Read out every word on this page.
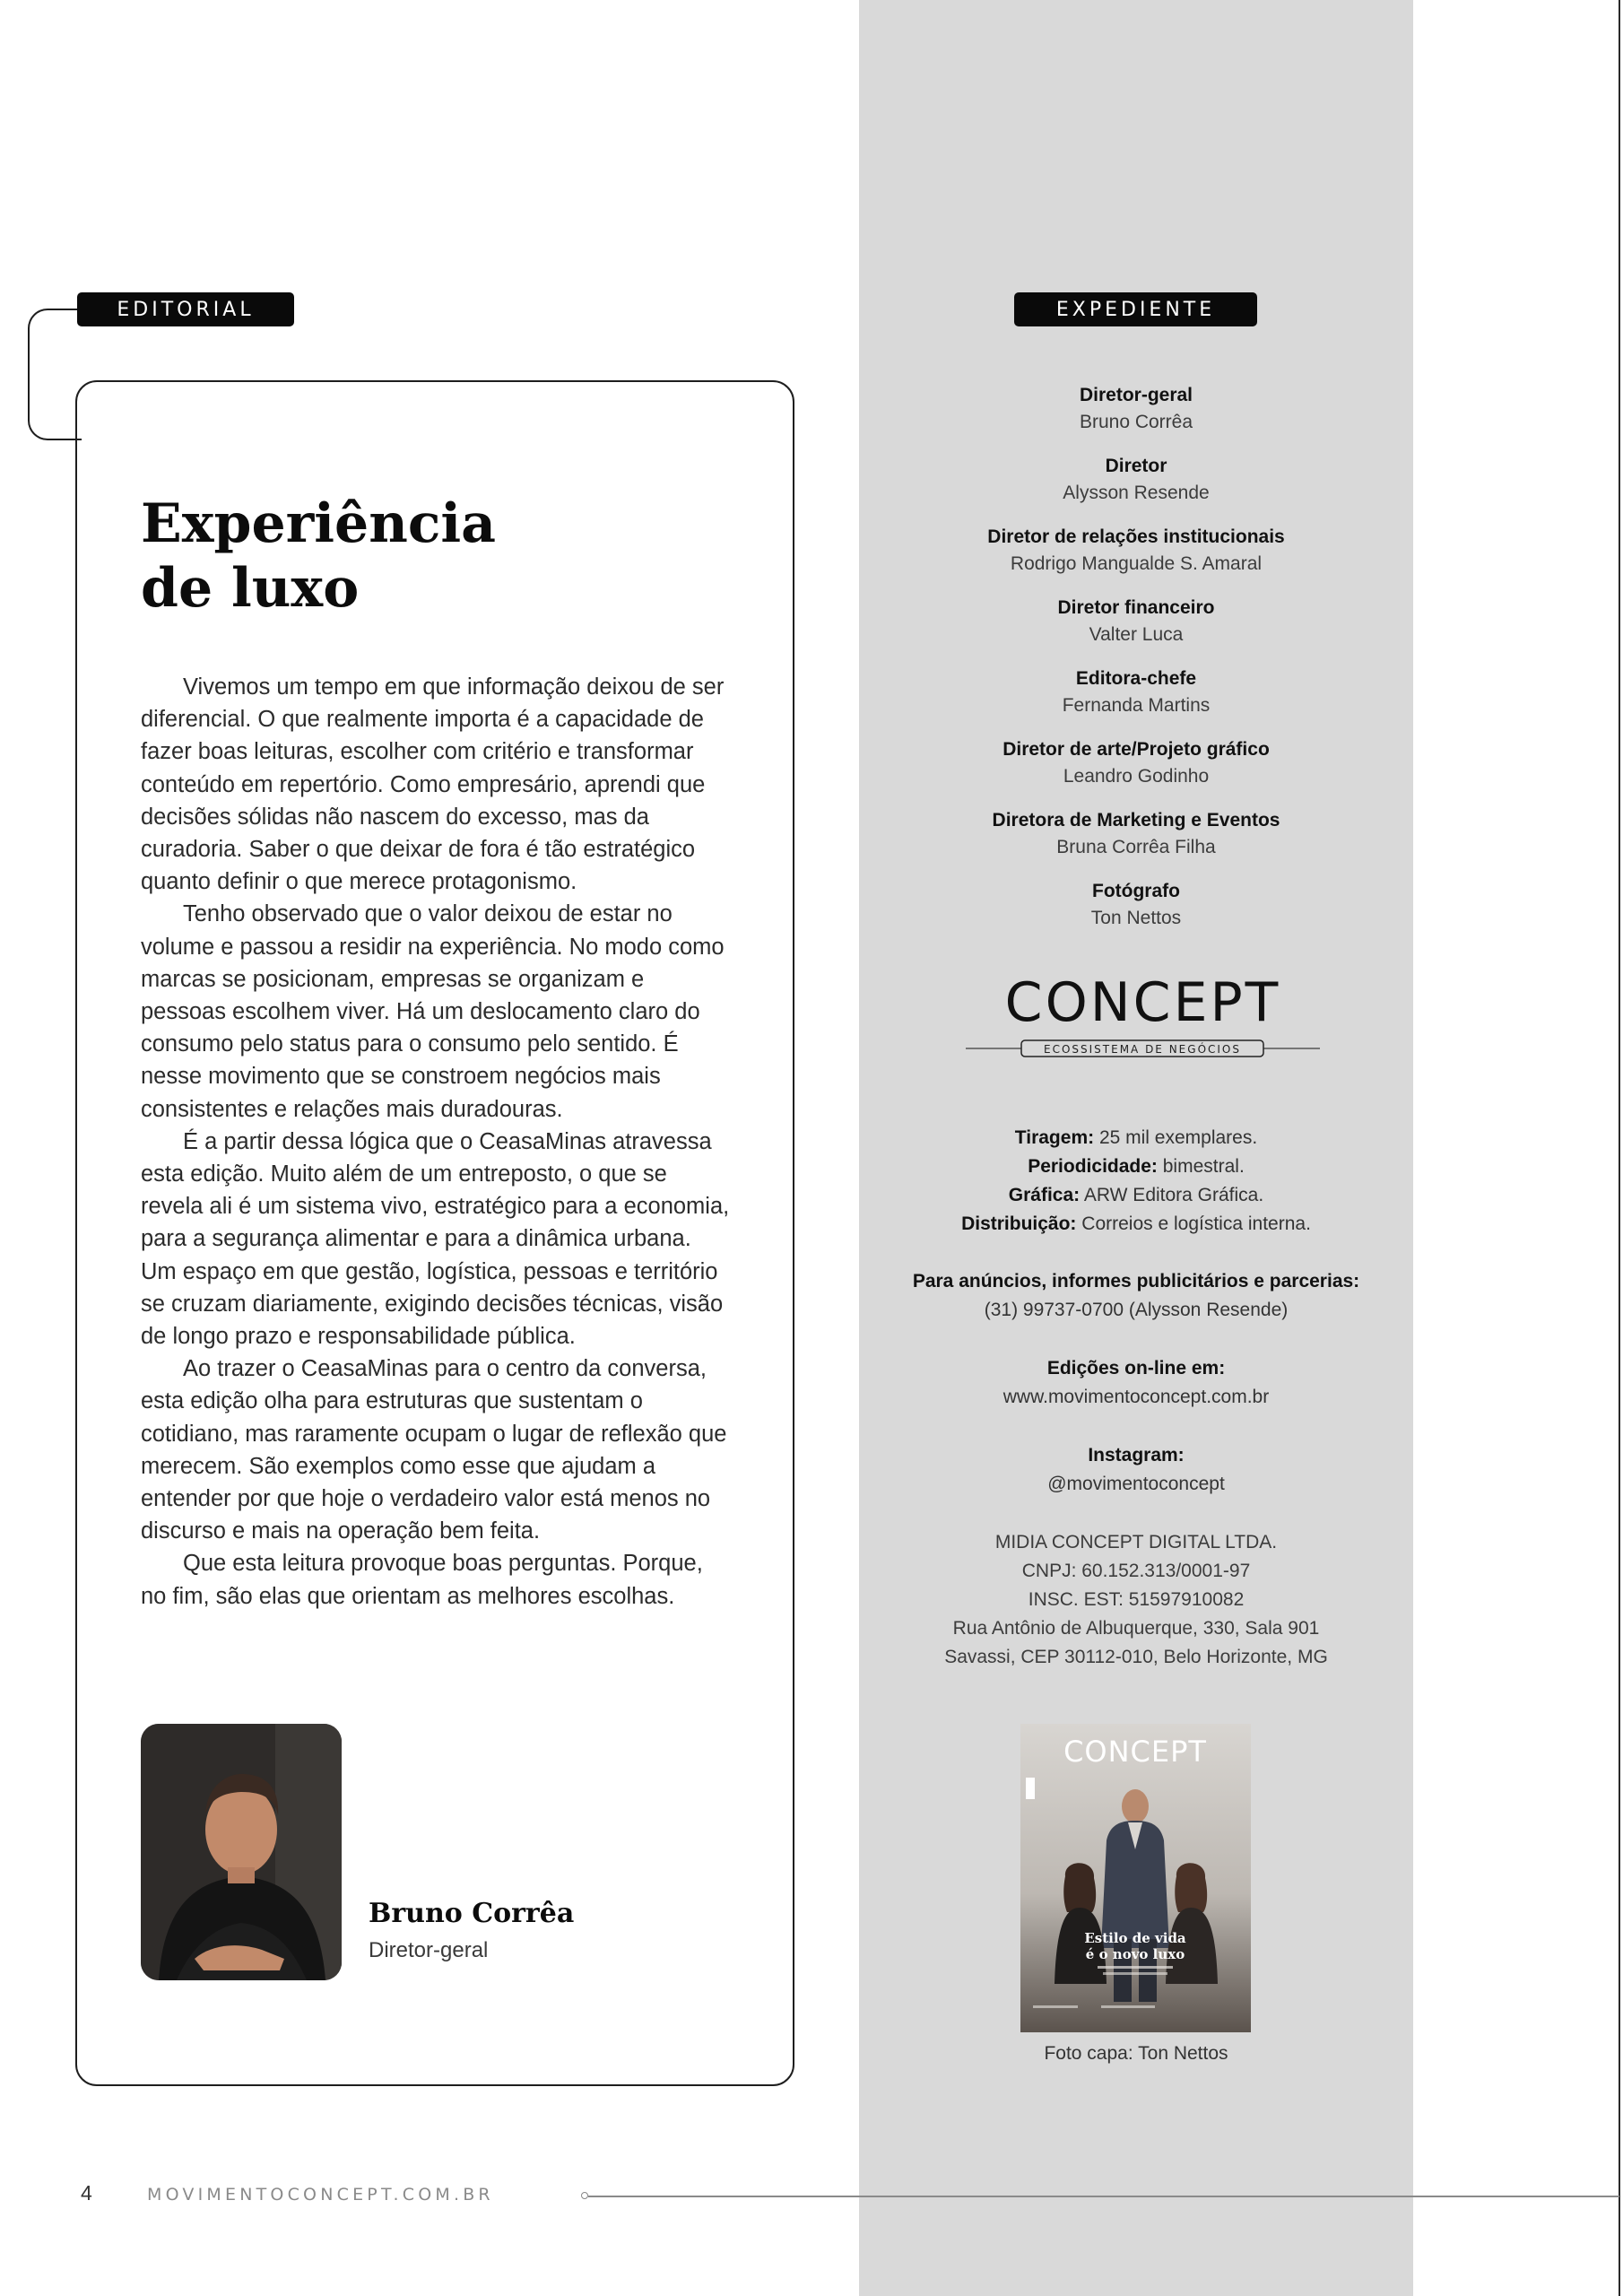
EDITORIAL
Experiência
de luxo

Vivemos um tempo em que informação deixou de ser diferencial. O que realmente importa é a capacidade de fazer boas leituras, escolher com critério e transformar conteúdo em repertório. Como empresário, aprendi que decisões sólidas não nascem do excesso, mas da curadoria. Saber o que deixar de fora é tão estratégico quanto definir o que merece protagonismo.

Tenho observado que o valor deixou de estar no volume e passou a residir na experiência. No modo como marcas se posicionam, empresas se organizam e pessoas escolhem viver. Há um deslocamento claro do consumo pelo status para o consumo pelo sentido. É nesse movimento que se constroem negócios mais consistentes e relações mais duradouras.

É a partir dessa lógica que o CeasaMinas atravessa esta edição. Muito além de um entreposto, o que se revela ali é um sistema vivo, estratégico para a economia, para a segurança alimentar e para a dinâmica urbana. Um espaço em que gestão, logística, pessoas e território se cruzam diariamente, exigindo decisões técnicas, visão de longo prazo e responsabilidade pública.

Ao trazer o CeasaMinas para o centro da conversa, esta edição olha para estruturas que sustentam o cotidiano, mas raramente ocupam o lugar de reflexão que merecem. São exemplos como esse que ajudam a entender por que hoje o verdadeiro valor está menos no discurso e mais na operação bem feita.

Que esta leitura provoque boas perguntas. Porque, no fim, são elas que orientam as melhores escolhas.

Bruno Corrêa
Diretor-geral
EXPEDIENTE
Diretor-geral
Bruno Corrêa
Diretor
Alysson Resende
Diretor de relações institucionais
Rodrigo Mangualde S. Amaral
Diretor financeiro
Valter Luca
Editora-chefe
Fernanda Martins
Diretor de arte/Projeto gráfico
Leandro Godinho
Diretora de Marketing e Eventos
Bruna Corrêa Filha
Fotógrafo
Ton Nettos
CONCEPT
ECOSSISTEMA DE NEGÓCIOS
Tiragem: 25 mil exemplares.
Periodicidade: bimestral.
Gráfica: ARW Editora Gráfica.
Distribuição: Correios e logística interna.
Para anúncios, informes publicitários e parcerias:
(31) 99737-0700 (Alysson Resende)
Edições on-line em:
www.movimentoconcept.com.br
Instagram:
@movimentoconcept
MIDIA CONCEPT DIGITAL LTDA.
CNPJ: 60.152.313/0001-97
INSC. EST: 51597910082
Rua Antônio de Albuquerque, 330, Sala 901
Savassi, CEP 30112-010, Belo Horizonte, MG
CONCEPT
Estilo de vida
é o novo luxo
Foto capa: Ton Nettos
4	MOVIMENTOCONCEPT.COM.BR
